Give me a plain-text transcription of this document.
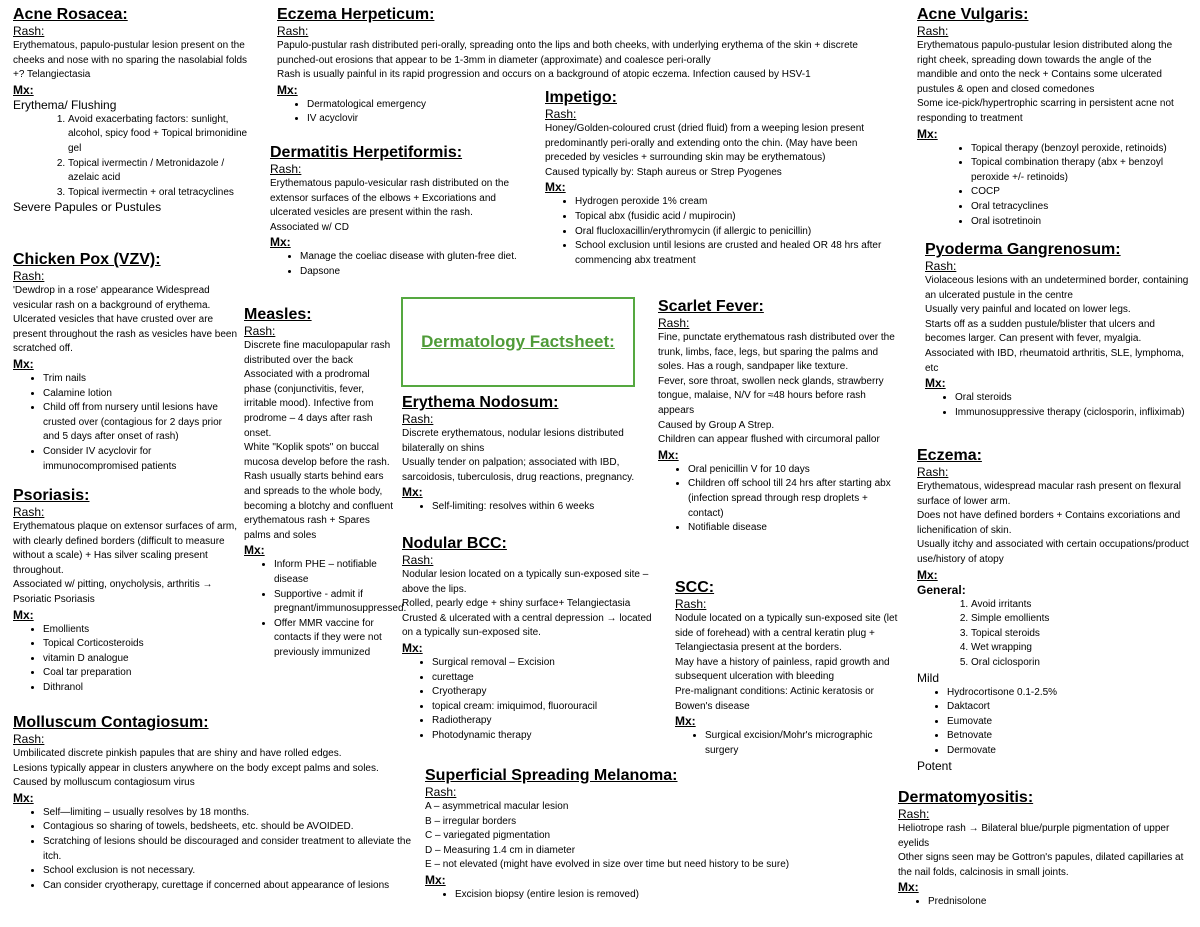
Dermatology Factsheet:
Acne Rosacea:
Rash:
Erythematous, papulo-pustular lesion present on the cheeks and nose with no sparing the nasolabial folds +? Telangiectasia
Mx:
Erythema/ Flushing
1. Avoid exacerbating factors: sunlight, alcohol, spicy food + Topical brimonidine gel
2. Topical ivermectin / Metronidazole / azelaic acid
3. Topical ivermectin + oral tetracyclines
Severe Papules or Pustules
Chicken Pox (VZV):
Rash:
'Dewdrop in a rose' appearance Widespread vesicular rash on a background of erythema. Ulcerated vesicles that have crusted over are present throughout the rash as vesicles have been scratched off.
Mx:
• Trim nails
• Calamine lotion
• Child off from nursery until lesions have crusted over (contagious for 2 days prior and 5 days after onset of rash)
• Consider IV acyclovir for immunocompromised patients
Psoriasis:
Rash:
Erythematous plaque on extensor surfaces of arm, with clearly defined borders (difficult to measure without a scale) + Has silver scaling present throughout.
Associated w/ pitting, onycholysis, arthritis → Psoriatic Psoriasis
Mx:
• Emollients
• Topical Corticosteroids
• vitamin D analogue
• Coal tar preparation
• Dithranol
Molluscum Contagiosum:
Rash:
Umbilicated discrete pinkish papules that are shiny and have rolled edges.
Lesions typically appear in clusters anywhere on the body except palms and soles.
Caused by molluscum contagiosum virus
Mx:
• Self—limiting – usually resolves by 18 months.
• Contagious so sharing of towels, bedsheets, etc. should be AVOIDED.
• Scratching of lesions should be discouraged and consider treatment to alleviate the itch.
• School exclusion is not necessary.
• Can consider cryotherapy, curettage if concerned about appearance of lesions
Eczema Herpeticum:
Rash:
Papulo-pustular rash distributed peri-orally, spreading onto the lips and both cheeks, with underlying erythema of the skin + discrete punched-out erosions that appear to be 1-3mm in diameter (approximate) and coalesce peri-orally
Rash is usually painful in its rapid progression and occurs on a background of atopic eczema. Infection caused by HSV-1
Mx:
• Dermatological emergency
• IV acyclovir
Dermatitis Herpetiformis:
Rash:
Erythematous papulo-vesicular rash distributed on the extensor surfaces of the elbows + Excoriations and ulcerated vesicles are present within the rash.
Associated w/ CD
Mx:
• Manage the coeliac disease with gluten-free diet.
• Dapsone
Measles:
Rash:
Discrete fine maculopapular rash distributed over the back
Associated with a prodromal phase (conjunctivitis, fever, irritable mood). Infective from prodrome – 4 days after rash onset.
White "Koplik spots" on buccal mucosa develop before the rash.
Rash usually starts behind ears and spreads to the whole body, becoming a blotchy and confluent erythematous rash + Spares palms and soles
Mx:
• Inform PHE – notifiable disease
• Supportive - admit if pregnant/immunosuppressed.
• Offer MMR vaccine for contacts if they were not previously immunized
Impetigo:
Rash:
Honey/Golden-coloured crust (dried fluid) from a weeping lesion present predominantly peri-orally and extending onto the chin. (May have been preceded by vesicles + surrounding skin may be erythematous)
Caused typically by: Staph aureus or Strep Pyogenes
Mx:
• Hydrogen peroxide 1% cream
• Topical abx (fusidic acid / mupirocin)
• Oral flucloxacillin/erythromycin (if allergic to penicillin)
• School exclusion until lesions are crusted and healed OR 48 hrs after commencing abx treatment
Erythema Nodosum:
Rash:
Discrete erythematous, nodular lesions distributed bilaterally on shins
Usually tender on palpation; associated with IBD, sarcoidosis, tuberculosis, drug reactions, pregnancy.
Mx:
• Self-limiting: resolves within 6 weeks
Nodular BCC:
Rash:
Nodular lesion located on a typically sun-exposed site – above the lips.
Rolled, pearly edge + shiny surface+ Telangiectasia
Crusted & ulcerated with a central depression → located on a typically sun-exposed site.
Mx:
• Surgical removal – Excision
• curettage
• Cryotherapy
• topical cream: imiquimod, fluorouracil
• Radiotherapy
• Photodynamic therapy
Superficial Spreading Melanoma:
Rash:
A – asymmetrical macular lesion
B – irregular borders
C – variegated pigmentation
D – Measuring 1.4 cm in diameter
E – not elevated (might have evolved in size over time but need history to be sure)
Mx:
• Excision biopsy (entire lesion is removed)
Scarlet Fever:
Rash:
Fine, punctate erythematous rash distributed over the trunk, limbs, face, legs, but sparing the palms and soles. Has a rough, sandpaper like texture.
Fever, sore throat, swollen neck glands, strawberry tongue, malaise, N/V for ≈48 hours before rash appears
Caused by Group A Strep.
Children can appear flushed with circumoral pallor
Mx:
• Oral penicillin V for 10 days
• Children off school till 24 hrs after starting abx (infection spread through resp droplets + contact)
• Notifiable disease
SCC:
Rash:
Nodule located on a typically sun-exposed site (let side of forehead) with a central keratin plug + Telangiectasia present at the borders.
May have a history of painless, rapid growth and subsequent ulceration with bleeding
Pre-malignant conditions: Actinic keratosis or Bowen's disease
Mx:
• Surgical excision/Mohr's micrographic surgery
Acne Vulgaris:
Rash:
Erythematous papulo-pustular lesion distributed along the right cheek, spreading down towards the angle of the mandible and onto the neck + Contains some ulcerated pustules & open and closed comedones
Some ice-pick/hypertrophic scarring in persistent acne not responding to treatment
Mx:
• Topical therapy (benzoyl peroxide, retinoids)
• Topical combination therapy (abx + benzoyl peroxide +/- retinoids)
• COCP
• Oral tetracyclines
• Oral isotretinoin
Pyoderma Gangrenosum:
Rash:
Violaceous lesions with an undetermined border, containing an ulcerated pustule in the centre
Usually very painful and located on lower legs.
Starts off as a sudden pustule/blister that ulcers and becomes larger. Can present with fever, myalgia.
Associated with IBD, rheumatoid arthritis, SLE, lymphoma, etc
Mx:
• Oral steroids
• Immunosuppressive therapy (ciclosporin, infliximab)
Eczema:
Rash:
Erythematous, widespread macular rash present on flexural surface of lower arm.
Does not have defined borders + Contains excoriations and lichenification of skin.
Usually itchy and associated with certain occupations/product use/history of atopy
Mx:
General:
1. Avoid irritants
2. Simple emollients
3. Topical steroids
4. Wet wrapping
5. Oral ciclosporin
Mild
• Hydrocortisone 0.1-2.5%
• Daktacort
• Eumovate
• Betnovate
• Dermovate
Potent
Dermatomyositis:
Rash:
Heliotrope rash → Bilateral blue/purple pigmentation of upper eyelids
Other signs seen may be Gottron's papules, dilated capillaries at the nail folds, calcinosis in small joints.
Mx:
• Prednisolone
